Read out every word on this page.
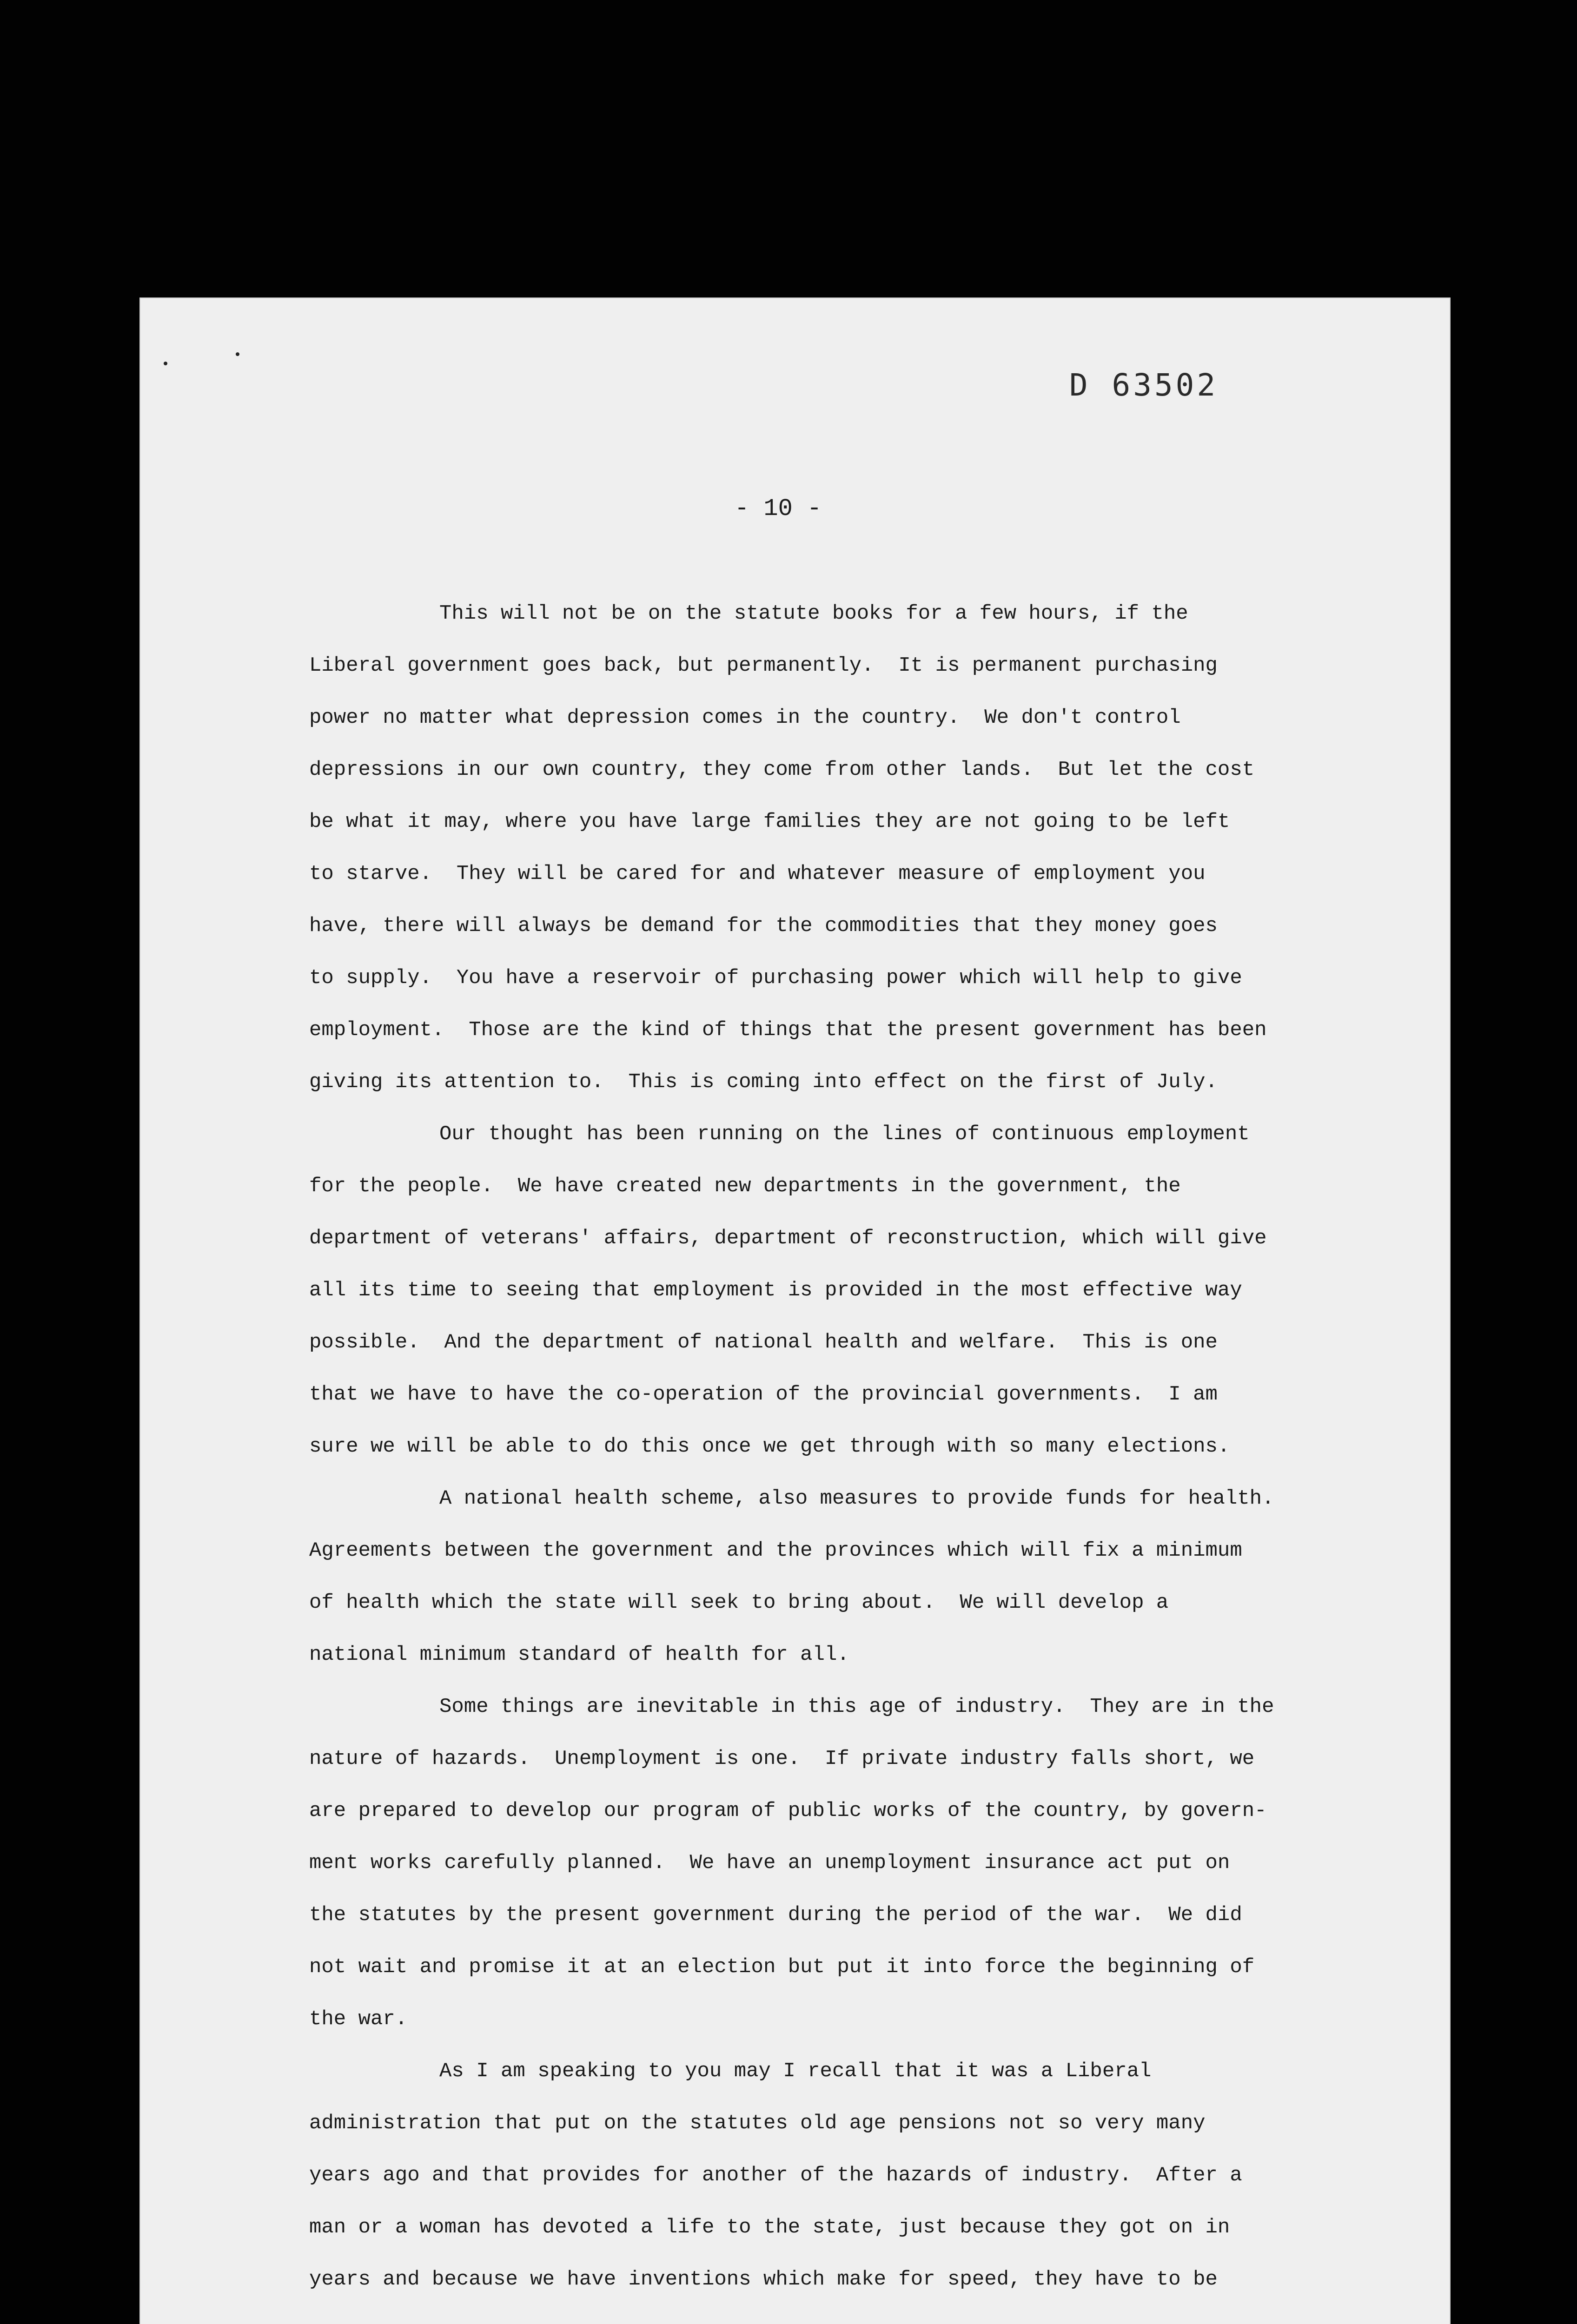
D 63502
- 10 -

This will not be on the statute books for a few hours, if the

Liberal government goes back, but permanently.  It is permanent purchasing

power no matter what depression comes in the country.  We don't control

depressions in our own country, they come from other lands.  But let the cost

be what it may, where you have large families they are not going to be left

to starve.  They will be cared for and whatever measure of employment you

have, there will always be demand for the commodities that they money goes

to supply.  You have a reservoir of purchasing power which will help to give

employment.  Those are the kind of things that the present government has been

giving its attention to.  This is coming into effect on the first of July.

Our thought has been running on the lines of continuous employment

for the people.  We have created new departments in the government, the

department of veterans' affairs, department of reconstruction, which will give

all its time to seeing that employment is provided in the most effective way

possible.  And the department of national health and welfare.  This is one

that we have to have the co-operation of the provincial governments.  I am

sure we will be able to do this once we get through with so many elections.

A national health scheme, also measures to provide funds for health.

Agreements between the government and the provinces which will fix a minimum

of health which the state will seek to bring about.  We will develop a

national minimum standard of health for all.

Some things are inevitable in this age of industry.  They are in the

nature of hazards.  Unemployment is one.  If private industry falls short, we

are prepared to develop our program of public works of the country, by govern-

ment works carefully planned.  We have an unemployment insurance act put on

the statutes by the present government during the period of the war.  We did

not wait and promise it at an election but put it into force the beginning of

the war.

As I am speaking to you may I recall that it was a Liberal

administration that put on the statutes old age pensions not so very many

years ago and that provides for another of the hazards of industry.  After a

man or a woman has devoted a life to the state, just because they got on in

years and because we have inventions which make for speed, they have to be
